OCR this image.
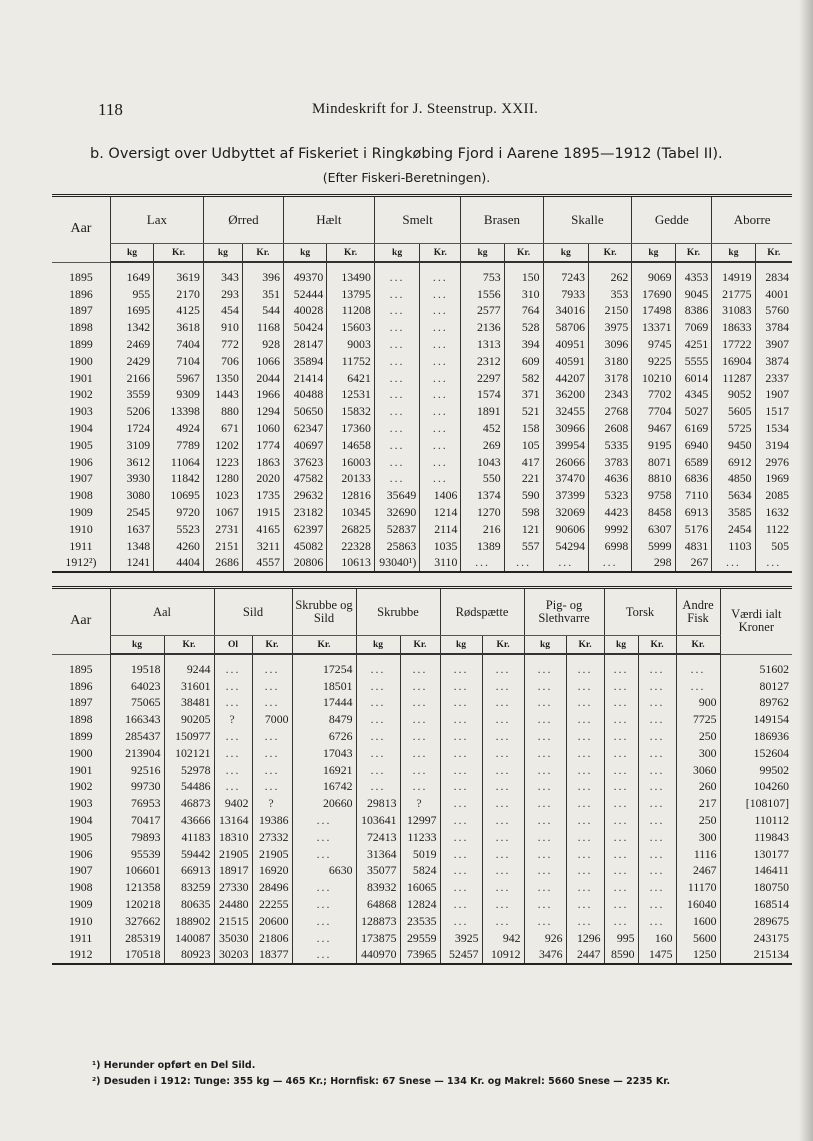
118	Mindeskrift for J. Steenstrup. XXII.
b. Oversigt over Udbyttet af Fiskeriet i Ringkøbing Fjord i Aarene 1895—1912 (Tabel II).
(Efter Fiskeri-Beretningen).
Aar	Lax		Ørred		Hælt		Smelt		Brasen		Skalle		Gedde		Aborre	
	kg	Kr.	kg	Kr.	kg	Kr.	kg	Kr.	kg	Kr.	kg	Kr.	kg	Kr.	kg	Kr.

1895	1649	3619	343	396	49370	13490	...	...	753	150	7243	262	9069	4353	14919	2834
1896	955	2170	293	351	52444	13795	...	...	1556	310	7933	353	17690	9045	21775	4001
1897	1695	4125	454	544	40028	11208	...	...	2577	764	34016	2150	17498	8386	31083	5760
1898	1342	3618	910	1168	50424	15603	...	...	2136	528	58706	3975	13371	7069	18633	3784
1899	2469	7404	772	928	28147	9003	...	...	1313	394	40951	3096	9745	4251	17722	3907
1900	2429	7104	706	1066	35894	11752	...	...	2312	609	40591	3180	9225	5555	16904	3874
1901	2166	5967	1350	2044	21414	6421	...	...	2297	582	44207	3178	10210	6014	11287	2337
1902	3559	9309	1443	1966	40488	12531	...	...	1574	371	36200	2343	7702	4345	9052	1907
1903	5206	13398	880	1294	50650	15832	...	...	1891	521	32455	2768	7704	5027	5605	1517
1904	1724	4924	671	1060	62347	17360	...	...	452	158	30966	2608	9467	6169	5725	1534
1905	3109	7789	1202	1774	40697	14658	...	...	269	105	39954	5335	9195	6940	9450	3194
1906	3612	11064	1223	1863	37623	16003	...	...	1043	417	26066	3783	8071	6589	6912	2976
1907	3930	11842	1280	2020	47582	20133	...	...	550	221	37470	4636	8810	6836	4850	1969
1908	3080	10695	1023	1735	29632	12816	35649	1406	1374	590	37399	5323	9758	7110	5634	2085
1909	2545	9720	1067	1915	23182	10345	32690	1214	1270	598	32069	4423	8458	6913	3585	1632
1910	1637	5523	2731	4165	62397	26825	52837	2114	216	121	90606	9992	6307	5176	2454	1122
1911	1348	4260	2151	3211	45082	22328	25863	1035	1389	557	54294	6998	5999	4831	1103	505
1912²)	1241	4404	2686	4557	20806	10613	93040¹)	3110	...	...	...	...	298	267	...	...
Aar	Aal		Sild		Skrubbe og Sild	Skrubbe		Rødspætte		Pig- og Slethvarre		Torsk		Andre Fisk	Værdi ialt Kroner
	kg	Kr.	Ol	Kr.	Kr.	kg	Kr.	kg	Kr.	kg	Kr.	kg	Kr.	Kr.	

1895	19518	9244	...	...	17254	...	...	...	...	...	...	...	...	...	51602
1896	64023	31601	...	...	18501	...	...	...	...	...	...	...	...	...	80127
1897	75065	38481	...	...	17444	...	...	...	...	...	...	...	...	900	89762
1898	166343	90205	?	7000	8479	...	...	...	...	...	...	...	...	7725	149154
1899	285437	150977	...	...	6726	...	...	...	...	...	...	...	...	250	186936
1900	213904	102121	...	...	17043	...	...	...	...	...	...	...	...	300	152604
1901	92516	52978	...	...	16921	...	...	...	...	...	...	...	...	3060	99502
1902	99730	54486	...	...	16742	...	...	...	...	...	...	...	...	260	104260
1903	76953	46873	9402	?	20660	29813	?	...	...	...	...	...	...	217	[108107]
1904	70417	43666	13164	19386	...	103641	12997	...	...	...	...	...	...	250	110112
1905	79893	41183	18310	27332	...	72413	11233	...	...	...	...	...	...	300	119843
1906	95539	59442	21905	21905	...	31364	5019	...	...	...	...	...	...	1116	130177
1907	106601	66913	18917	16920	6630	35077	5824	...	...	...	...	...	...	2467	146411
1908	121358	83259	27330	28496	...	83932	16065	...	...	...	...	...	...	11170	180750
1909	120218	80635	24480	22255	...	64868	12824	...	...	...	...	...	...	16040	168514
1910	327662	188902	21515	20600	...	128873	23535	...	...	...	...	...	...	1600	289675
1911	285319	140087	35030	21806	...	173875	29559	3925	942	926	1296	995	160	5600	243175
1912	170518	80923	30203	18377	...	440970	73965	52457	10912	3476	2447	8590	1475	1250	215134
¹) Herunder opført en Del Sild.
²) Desuden i 1912: Tunge: 355 kg — 465 Kr.; Hornfisk: 67 Snese — 134 Kr. og Makrel: 5660 Snese — 2235 Kr.
